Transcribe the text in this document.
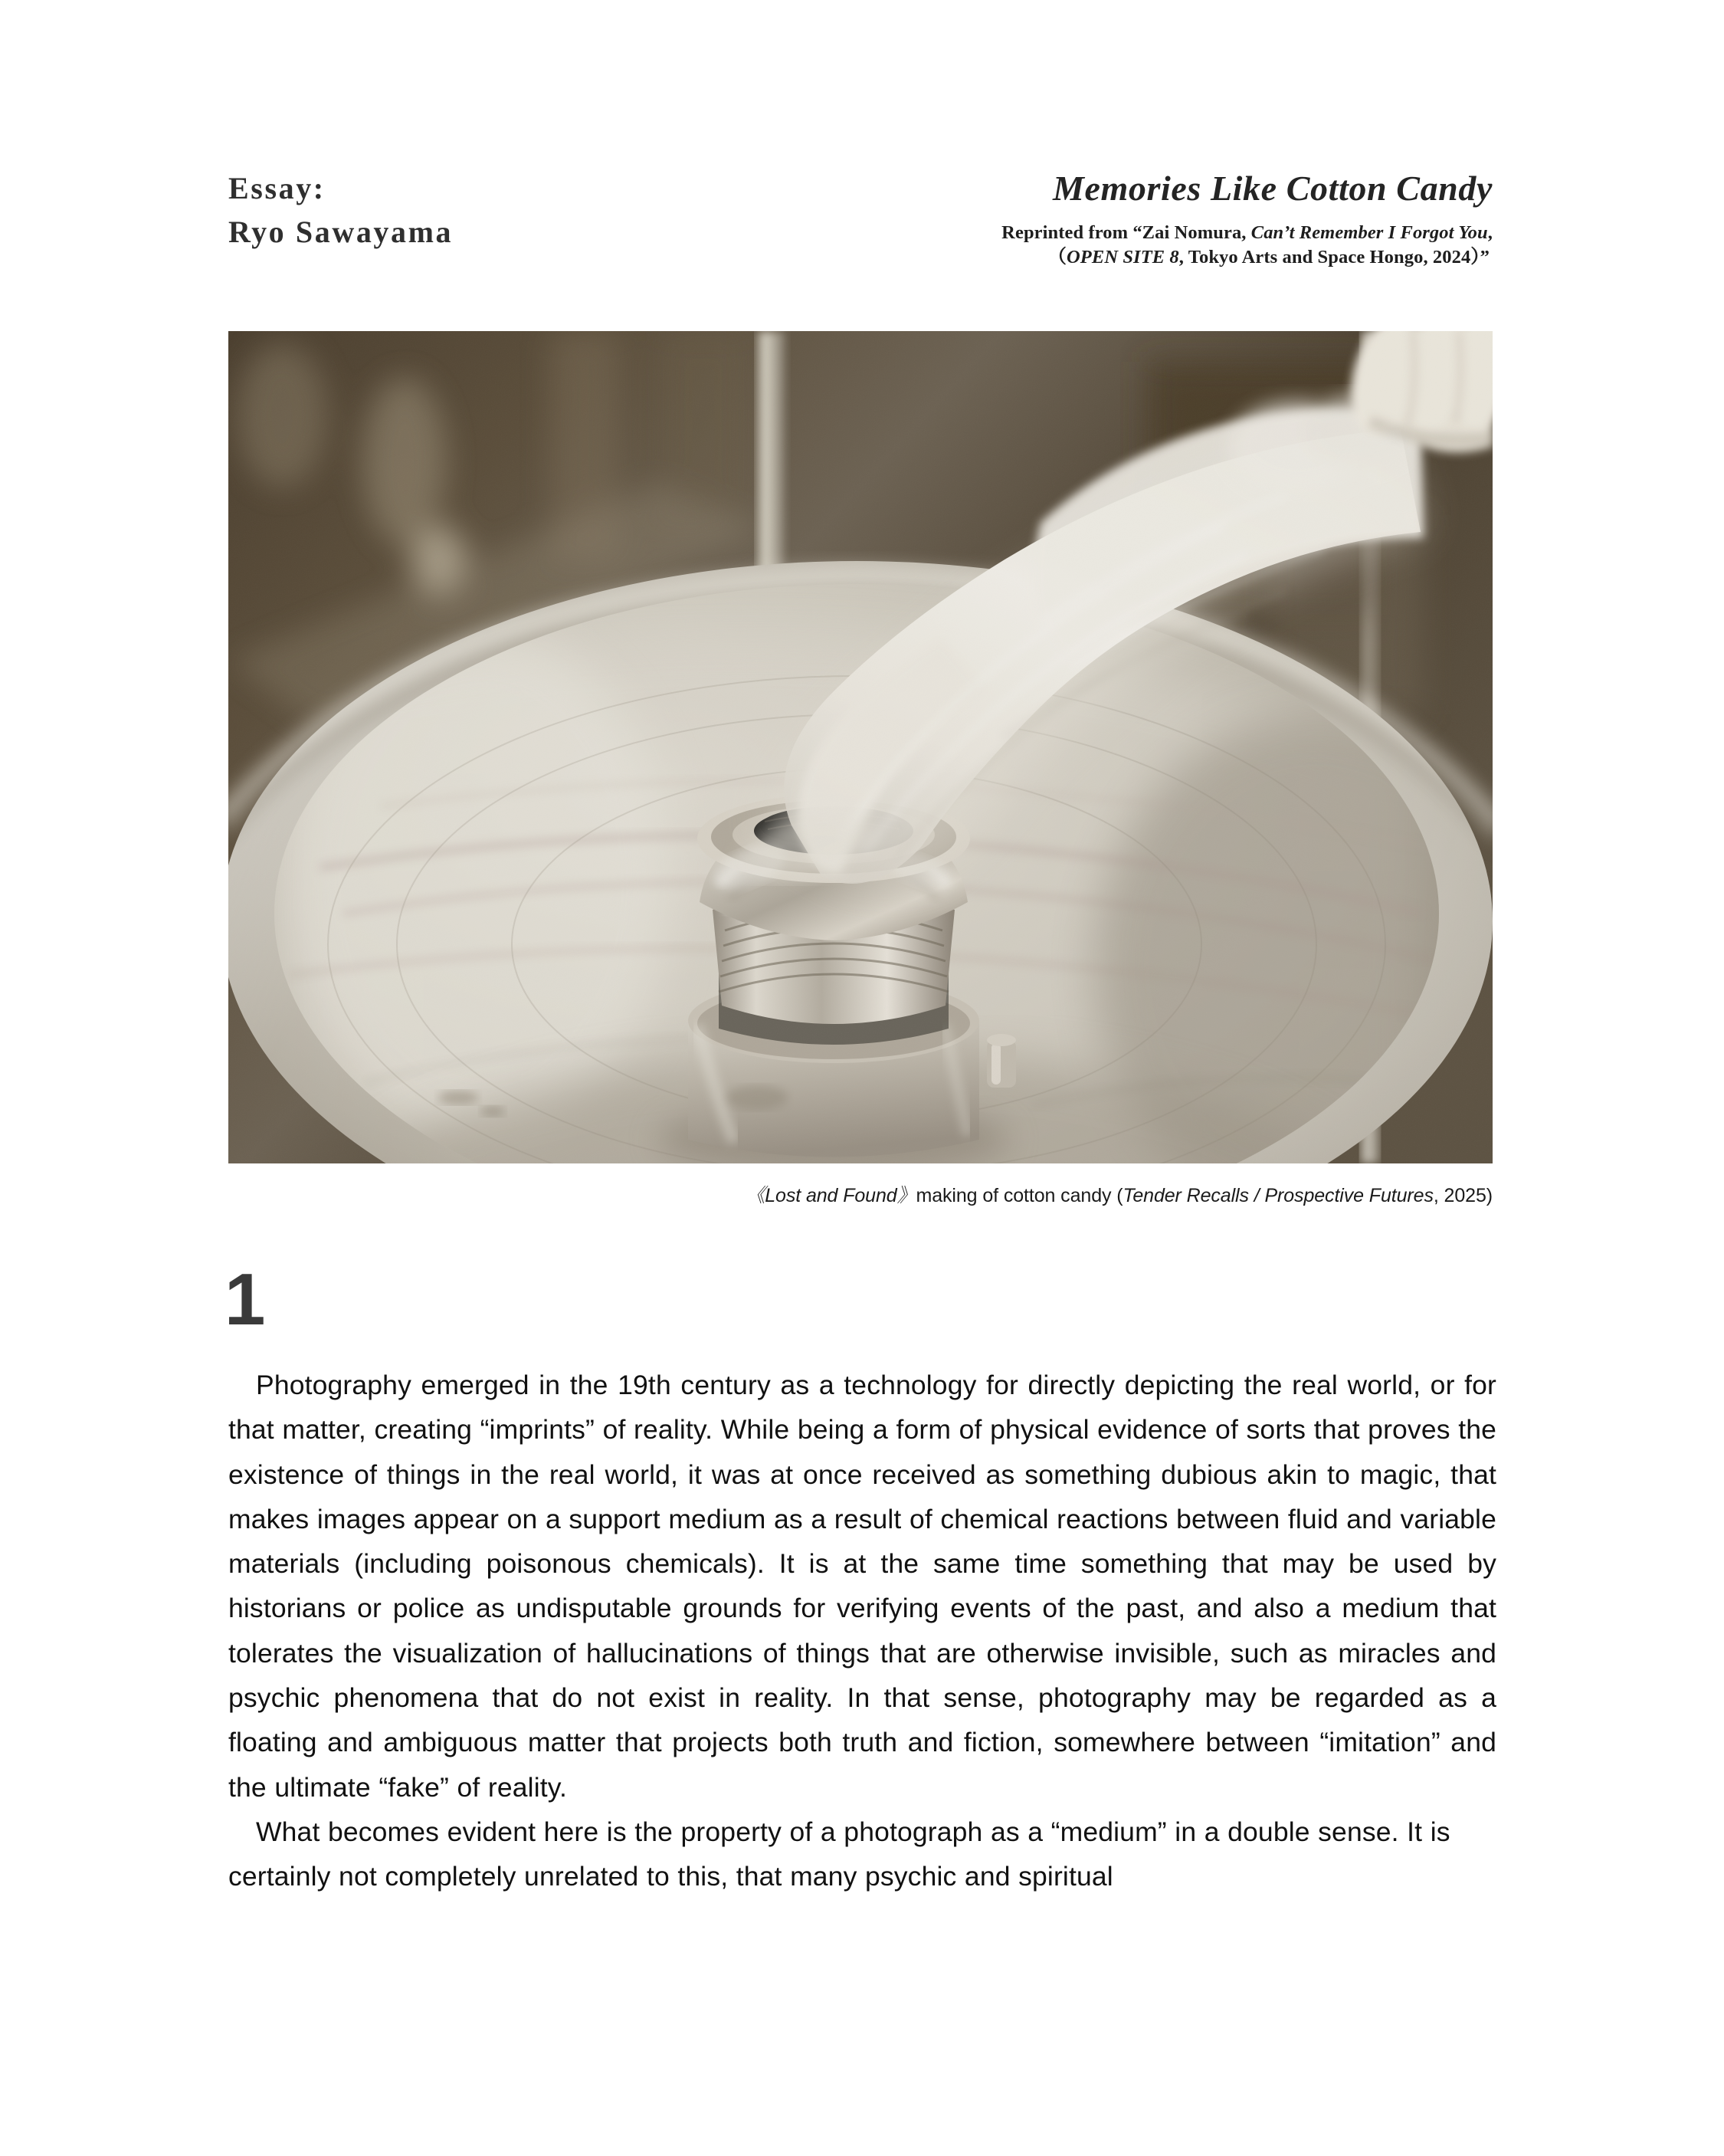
Essay:
Ryo Sawayama
Memories Like Cotton Candy
Reprinted from “Zai Nomura, Can’t Remember I Forgot You,
（OPEN SITE 8, Tokyo Arts and Space Hongo, 2024）”
《Lost and Found》making of cotton candy (Tender Recalls / Prospective Futures, 2025)
1

Photography emerged in the 19th century as a technology for directly depicting the real world, or for that matter, creating “imprints” of reality. While being a form of physical evidence of sorts that proves the existence of things in the real world, it was at once received as something dubious akin to magic, that makes images appear on a support medium as a result of chemical reactions between fluid and variable materials (including poisonous chemicals). It is at the same time something that may be used by historians or police as undisputable grounds for verifying events of the past, and also a medium that tolerates the visualization of hallucinations of things that are otherwise invisible, such as miracles and psychic phenomena that do not exist in reality. In that sense, photography may be regarded as a floating and ambiguous matter that projects both truth and fiction, somewhere between “imitation” and the ultimate “fake” of reality.

What becomes evident here is the property of a photograph as a “medium” in a double sense. It is certainly not completely unrelated to this, that many psychic and spiritual
